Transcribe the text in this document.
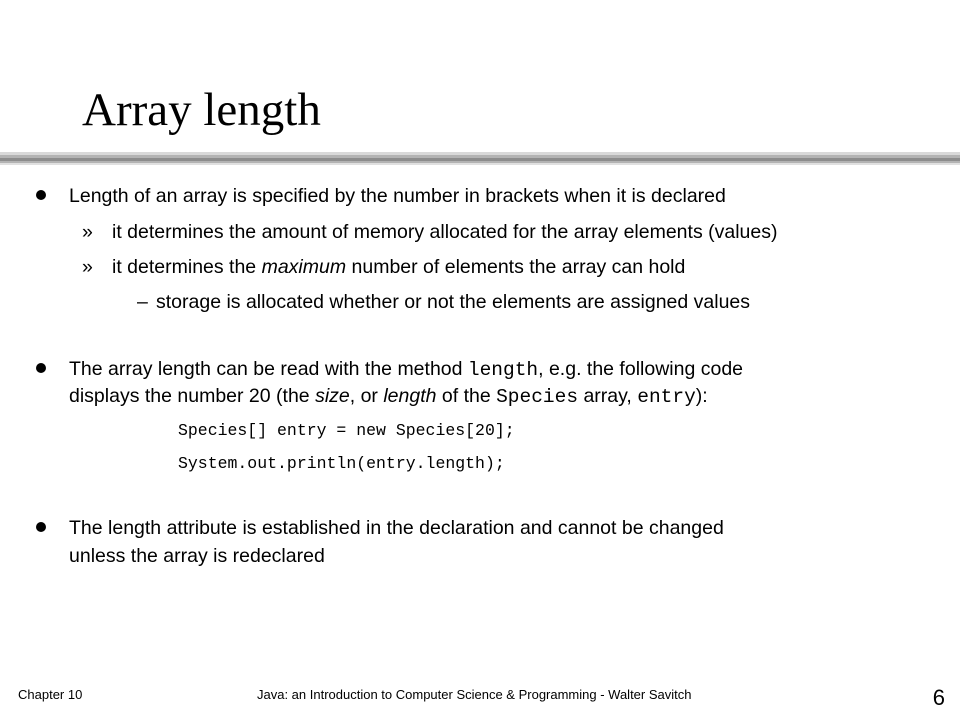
Array length
Length of an array is specified by the number in brackets when it is declared
» it determines the amount of memory allocated for the array elements (values)
» it determines the maximum number of elements the array can hold
– storage is allocated whether or not the elements are assigned values
The array length can be read with the method length, e.g. the following code
displays the number 20 (the size, or length of the Species array, entry):
Species[] entry = new Species[20];
System.out.println(entry.length);
The length attribute is established in the declaration and cannot be changed
unless the array is redeclared
Chapter 10	Java: an Introduction to Computer Science & Programming - Walter Savitch	6
